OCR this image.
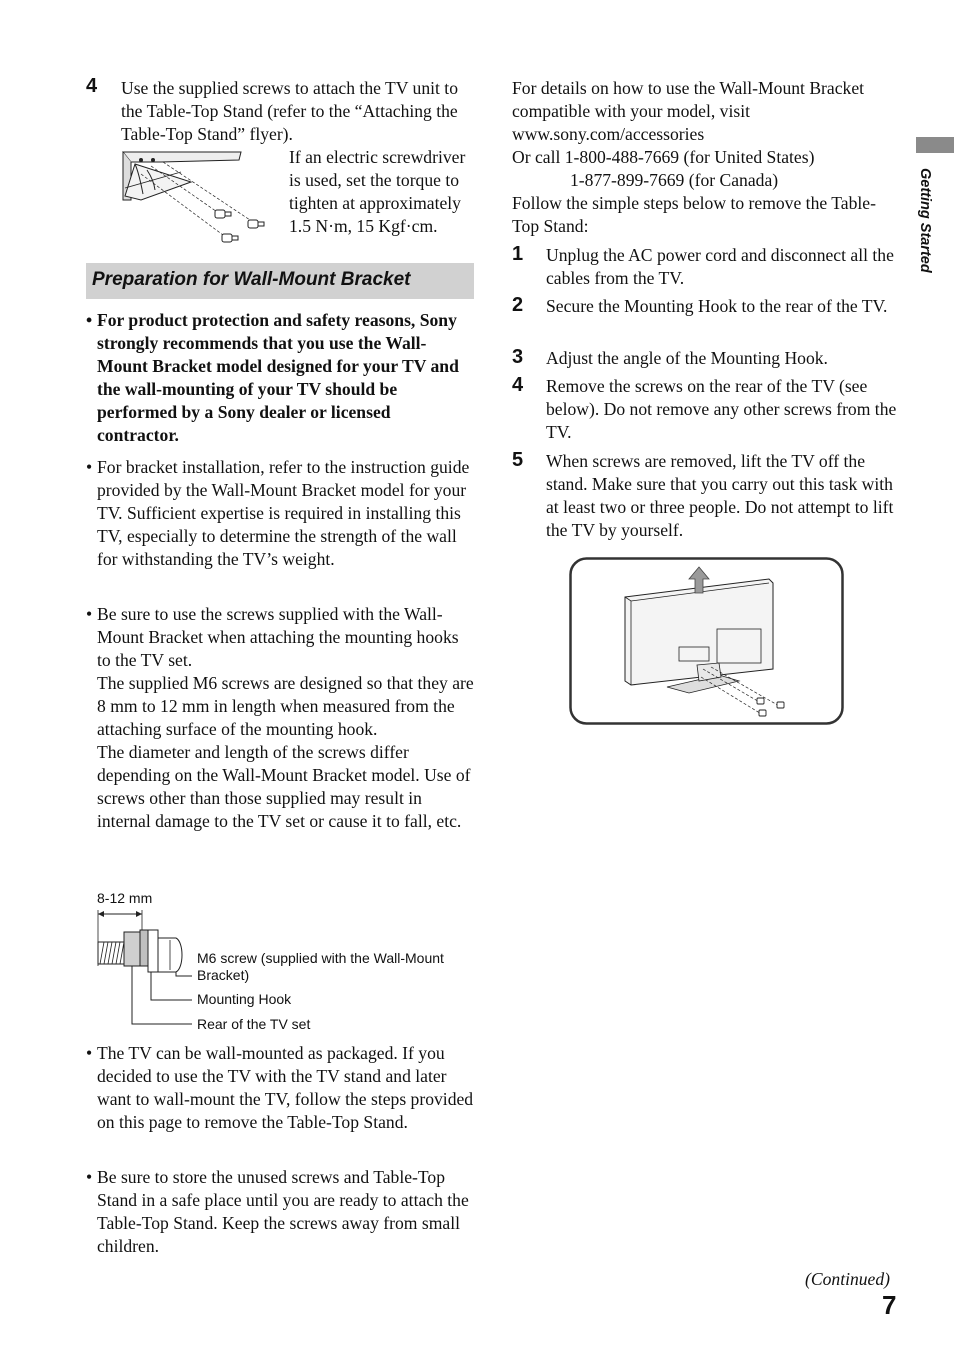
4 Use the supplied screws to attach the TV unit to the Table-Top Stand (refer to the “Attaching the Table-Top Stand” flyer).
If an electric screwdriver is used, set the torque to tighten at approximately 1.5 N·m, 15 Kgf·cm.
Preparation for Wall-Mount Bracket
• For product protection and safety reasons, Sony strongly recommends that you use the Wall-Mount Bracket model designed for your TV and the wall-mounting of your TV should be performed by a Sony dealer or licensed contractor.
• For bracket installation, refer to the instruction guide provided by the Wall-Mount Bracket model for your TV. Sufficient expertise is required in installing this TV, especially to determine the strength of the wall for withstanding the TV’s weight.
• Be sure to use the screws supplied with the Wall-Mount Bracket when attaching the mounting hooks to the TV set.
The supplied M6 screws are designed so that they are 8 mm to 12 mm in length when measured from the attaching surface of the mounting hook.
The diameter and length of the screws differ depending on the Wall-Mount Bracket model. Use of screws other than those supplied may result in internal damage to the TV set or cause it to fall, etc.
8-12 mm
M6 screw (supplied with the Wall-Mount
Bracket)
Mounting Hook
Rear of the TV set
• The TV can be wall-mounted as packaged. If you decided to use the TV with the TV stand and later want to wall-mount the TV, follow the steps provided on this page to remove the Table-Top Stand.
• Be sure to store the unused screws and Table-Top Stand in a safe place until you are ready to attach the Table-Top Stand. Keep the screws away from small children.
For details on how to use the Wall-Mount Bracket compatible with your model, visit www.sony.com/accessories
Or call 1-800-488-7669 (for United States)
1-877-899-7669 (for Canada)
Follow the simple steps below to remove the Table-Top Stand:
1 Unplug the AC power cord and disconnect all the cables from the TV.
2 Secure the Mounting Hook to the rear of the TV.
3 Adjust the angle of the Mounting Hook.
4 Remove the screws on the rear of the TV (see below). Do not remove any other screws from the TV.
5 When screws are removed, lift the TV off the stand. Make sure that you carry out this task with at least two or three people. Do not attempt to lift the TV by yourself.
Getting Started
(Continued)
7
